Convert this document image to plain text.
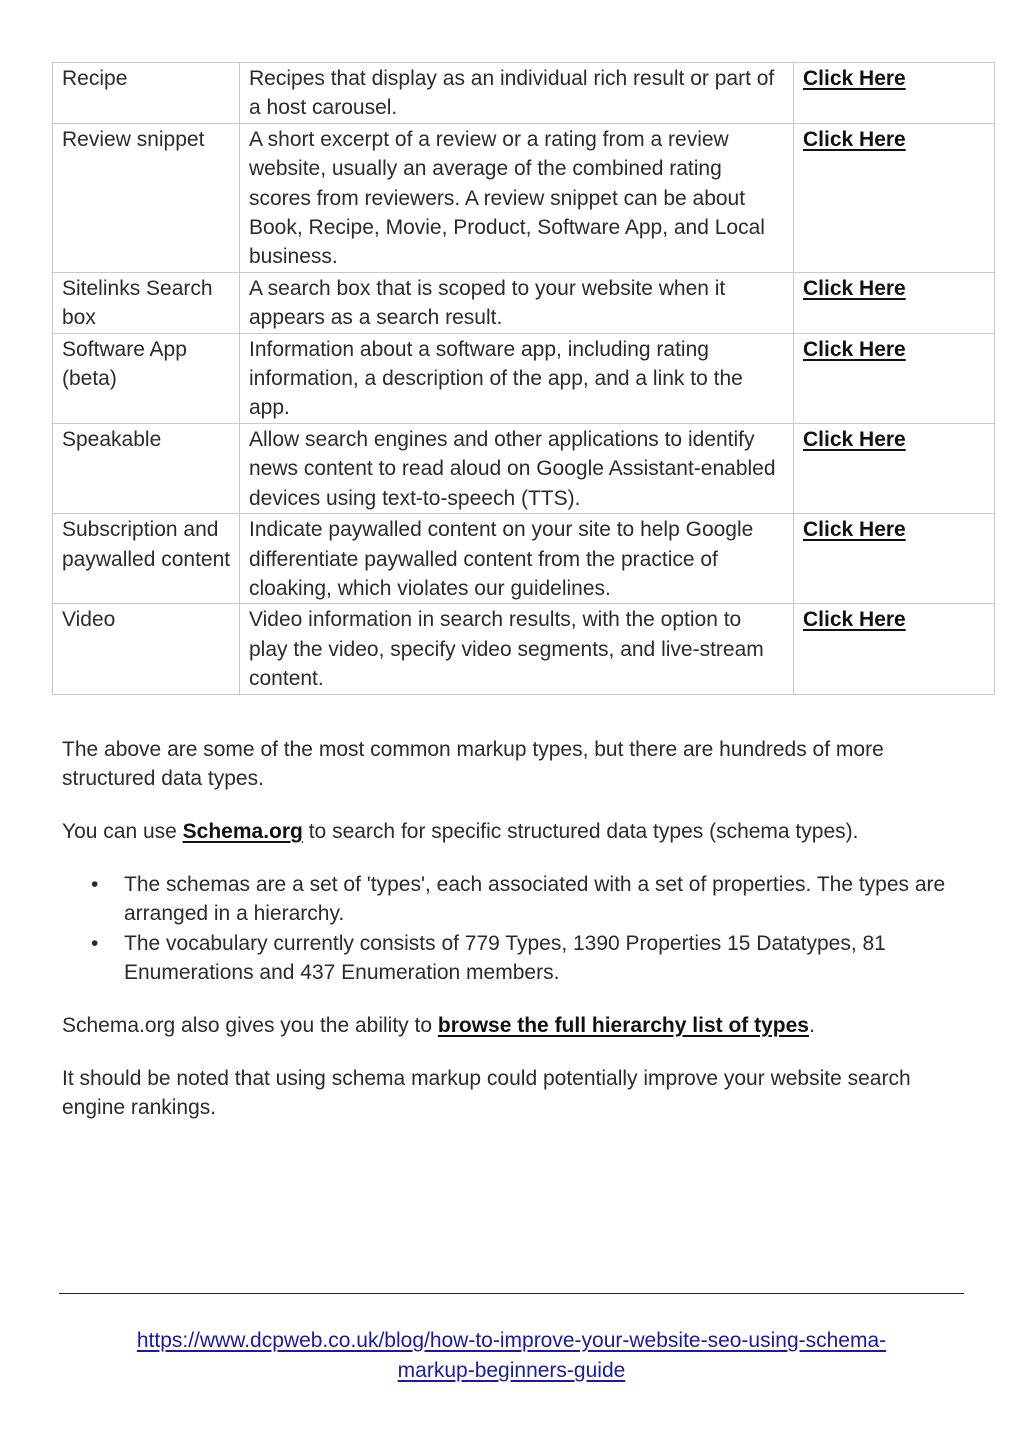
Recipe	Recipes that display as an individual rich result or part of a host carousel.	Click Here
Review snippet	A short excerpt of a review or a rating from a review website, usually an average of the combined rating scores from reviewers. A review snippet can be about Book, Recipe, Movie, Product, Software App, and Local business.	Click Here
Sitelinks Search box	A search box that is scoped to your website when it appears as a search result.	Click Here
Software App (beta)	Information about a software app, including rating information, a description of the app, and a link to the app.	Click Here
Speakable	Allow search engines and other applications to identify news content to read aloud on Google Assistant-enabled devices using text-to-speech (TTS).	Click Here
Subscription and paywalled content	Indicate paywalled content on your site to help Google differentiate paywalled content from the practice of cloaking, which violates our guidelines.	Click Here
Video	Video information in search results, with the option to play the video, specify video segments, and live-stream content.	Click Here

The above are some of the most common markup types, but there are hundreds of more structured data types.

You can use Schema.org to search for specific structured data types (schema types).

• The schemas are a set of 'types', each associated with a set of properties. The types are arranged in a hierarchy.
• The vocabulary currently consists of 779 Types, 1390 Properties 15 Datatypes, 81 Enumerations and 437 Enumeration members.

Schema.org also gives you the ability to browse the full hierarchy list of types.

It should be noted that using schema markup could potentially improve your website search engine rankings.

https://www.dcpweb.co.uk/blog/how-to-improve-your-website-seo-using-schema-
markup-beginners-guide
